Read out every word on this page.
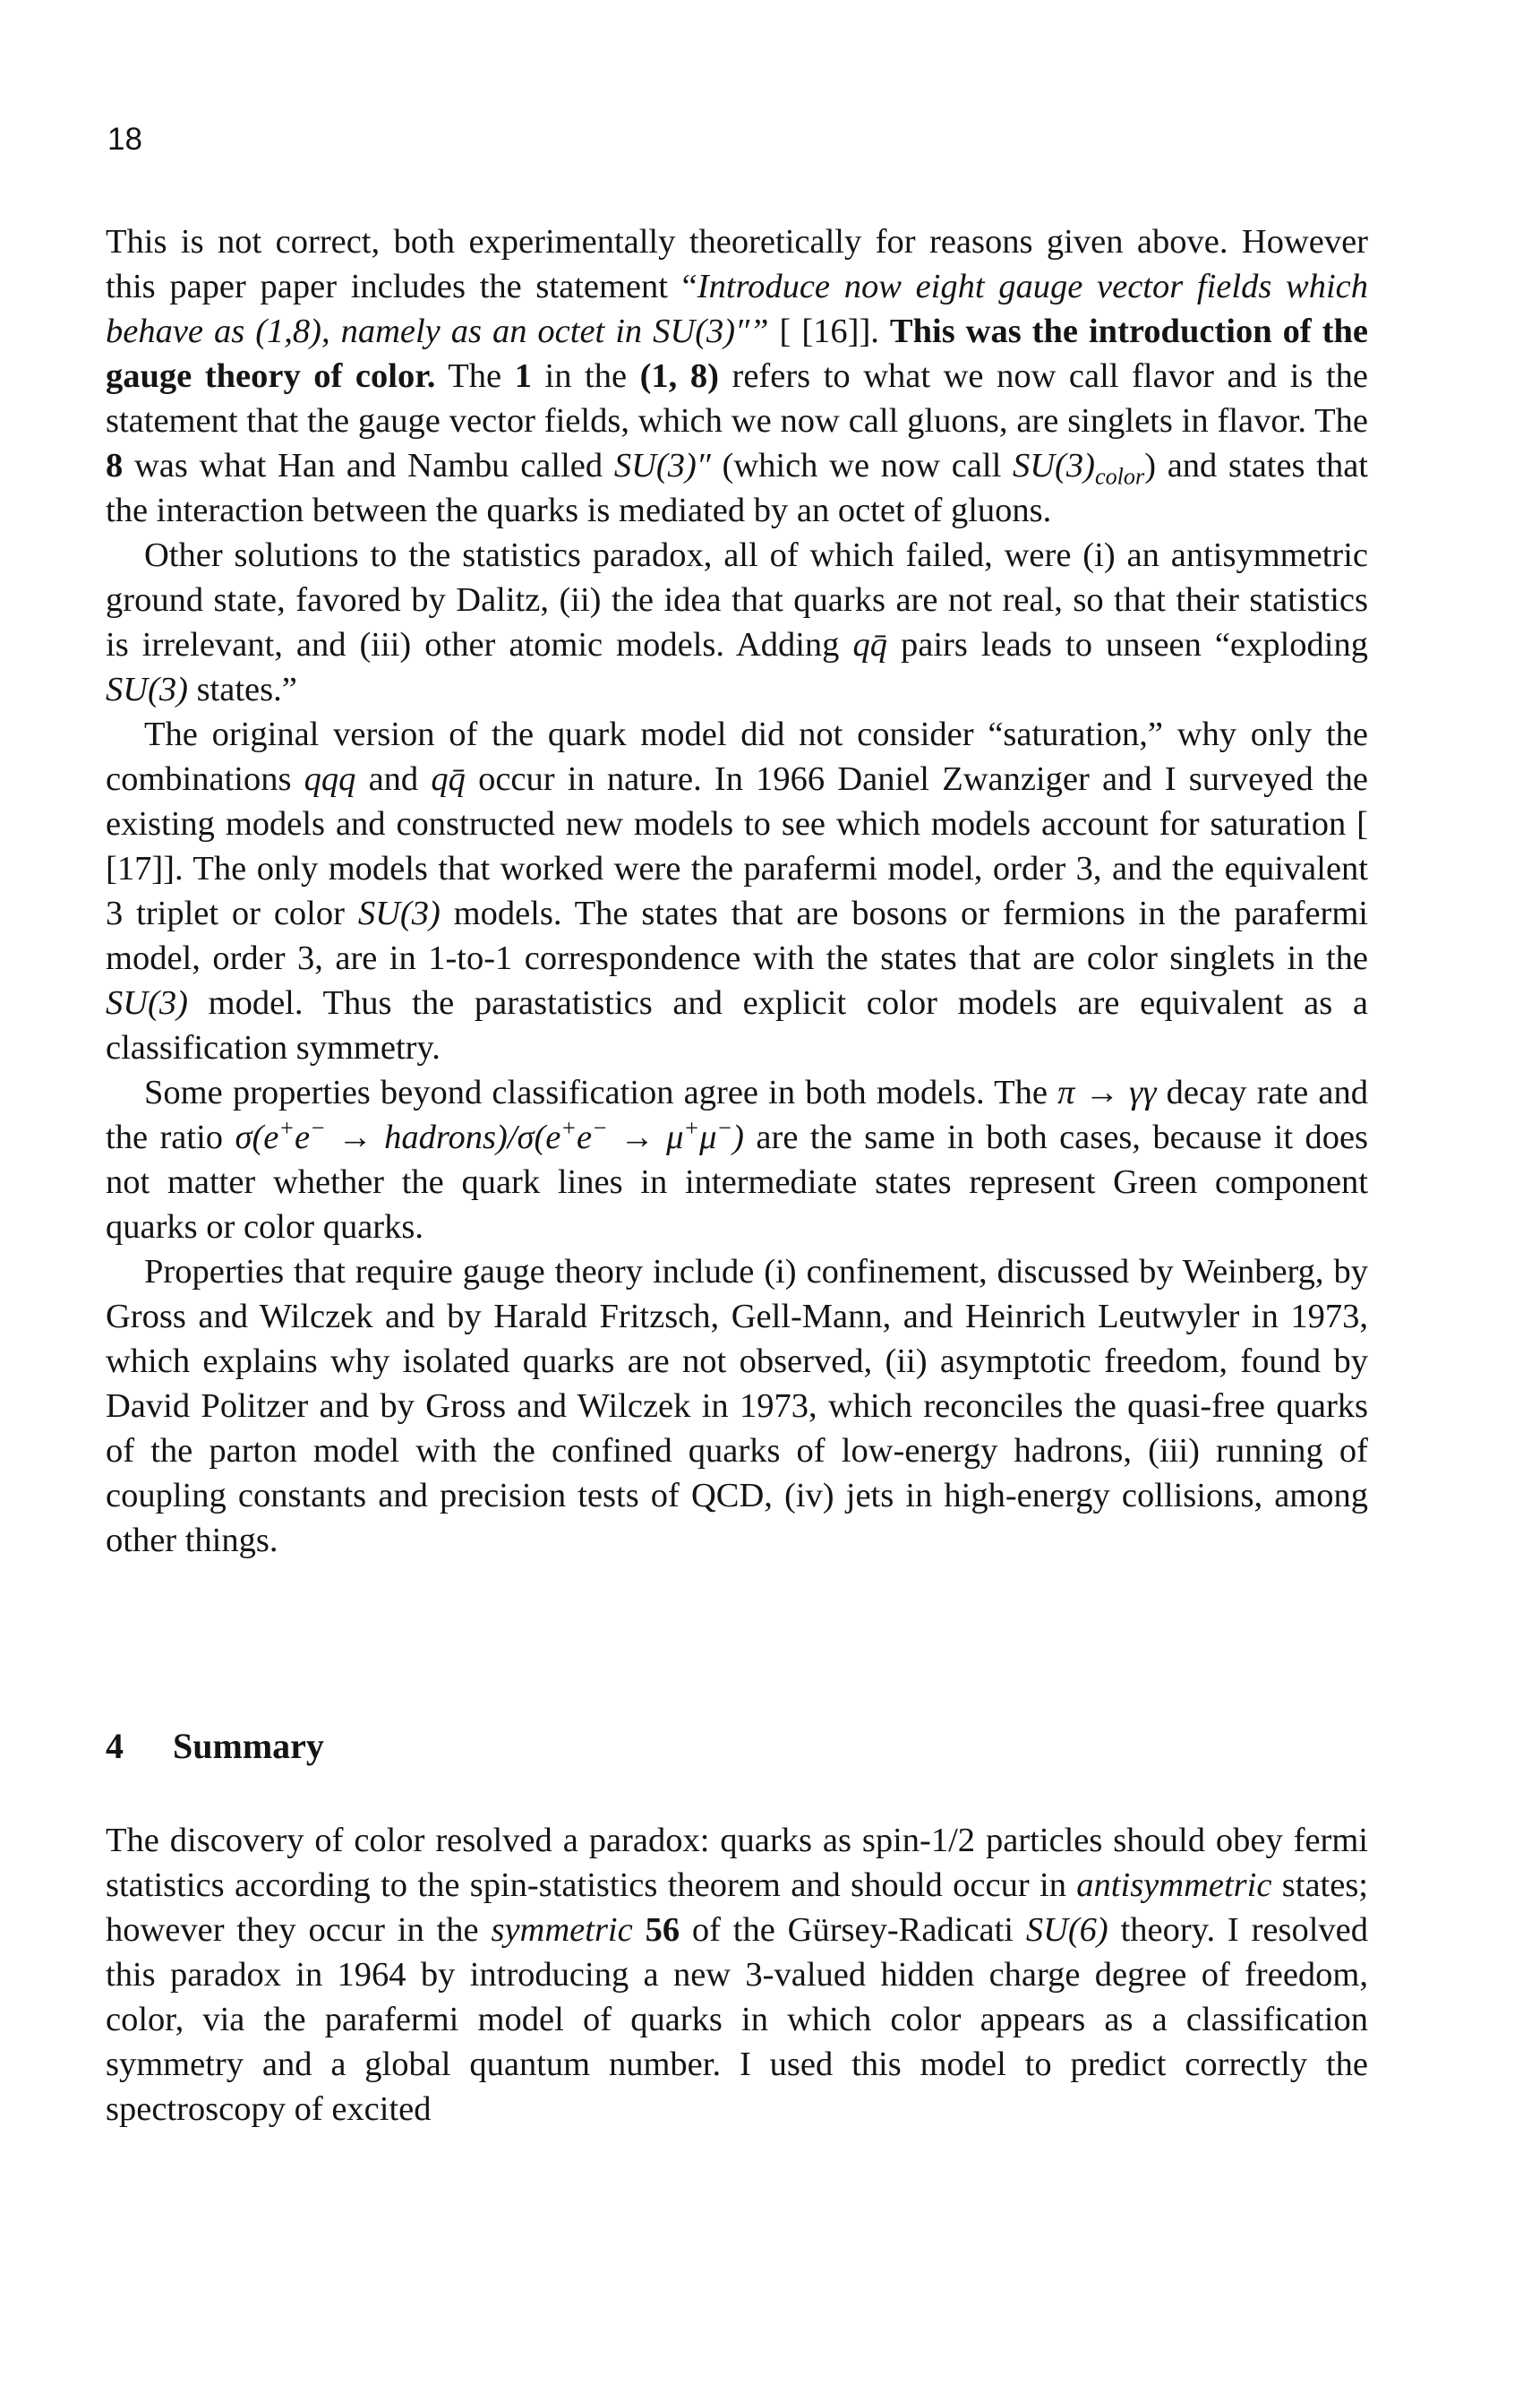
18

This is not correct, both experimentally theoretically for reasons given above. However this paper paper includes the statement “Introduce now eight gauge vector fields which behave as (1,8), namely as an octet in SU(3)″” [ [16]]. This was the introduction of the gauge theory of color. The 1 in the (1, 8) refers to what we now call flavor and is the statement that the gauge vector fields, which we now call gluons, are singlets in flavor. The 8 was what Han and Nambu called SU(3)″ (which we now call $SU(3)_{color}$) and states that the interaction between the quarks is mediated by an octet of gluons.

Other solutions to the statistics paradox, all of which failed, were (i) an antisymmetric ground state, favored by Dalitz, (ii) the idea that quarks are not real, so that their statistics is irrelevant, and (iii) other atomic models. Adding qq̄ pairs leads to unseen “exploding SU(3) states.”

The original version of the quark model did not consider “saturation,” why only the combinations qqq and qq̄ occur in nature. In 1966 Daniel Zwanziger and I surveyed the existing models and constructed new models to see which models account for saturation [ [17]]. The only models that worked were the parafermi model, order 3, and the equivalent 3 triplet or color SU(3) models. The states that are bosons or fermions in the parafermi model, order 3, are in 1-to-1 correspondence with the states that are color singlets in the SU(3) model. Thus the parastatistics and explicit color models are equivalent as a classification symmetry.

Some properties beyond classification agree in both models. The π → γγ decay rate and the ratio σ(e+e− → hadrons)/σ(e+e− → μ+μ−) are the same in both cases, because it does not matter whether the quark lines in intermediate states represent Green component quarks or color quarks.

Properties that require gauge theory include (i) confinement, discussed by Weinberg, by Gross and Wilczek and by Harald Fritzsch, Gell-Mann, and Heinrich Leutwyler in 1973, which explains why isolated quarks are not observed, (ii) asymptotic freedom, found by David Politzer and by Gross and Wilczek in 1973, which reconciles the quasi-free quarks of the parton model with the confined quarks of low-energy hadrons, (iii) running of coupling constants and precision tests of QCD, (iv) jets in high-energy collisions, among other things.

4 Summary

The discovery of color resolved a paradox: quarks as spin-1/2 particles should obey fermi statistics according to the spin-statistics theorem and should occur in antisymmetric states; however they occur in the symmetric 56 of the Gürsey-Radicati SU(6) theory. I resolved this paradox in 1964 by introducing a new 3-valued hidden charge degree of freedom, color, via the parafermi model of quarks in which color appears as a classification symmetry and a global quantum number. I used this model to predict correctly the spectroscopy of excited
